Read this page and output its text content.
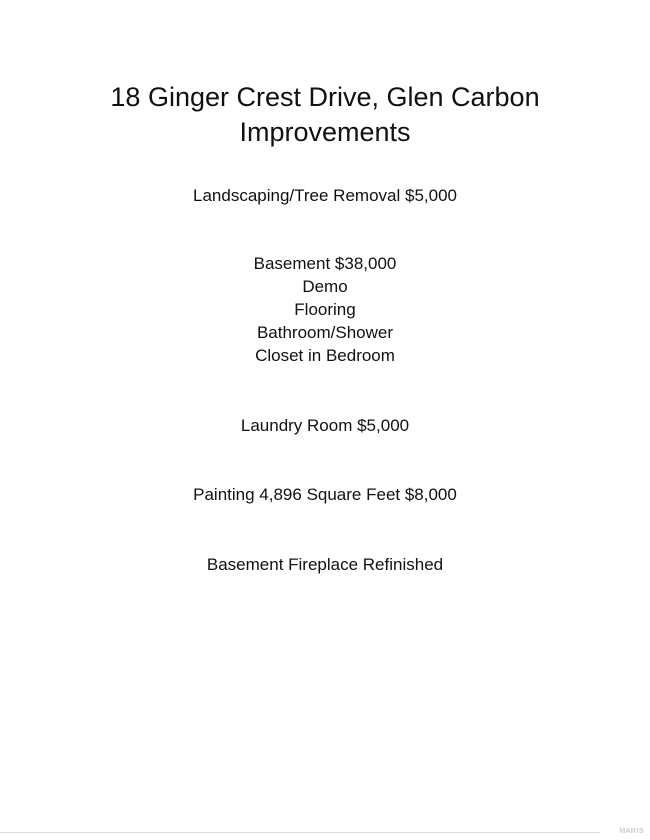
18 Ginger Crest Drive, Glen Carbon
Improvements
Landscaping/Tree Removal $5,000
Basement $38,000
Demo
Flooring
Bathroom/Shower
Closet in Bedroom
Laundry Room $5,000
Painting 4,896 Square Feet $8,000
Basement Fireplace Refinished
MARIS
